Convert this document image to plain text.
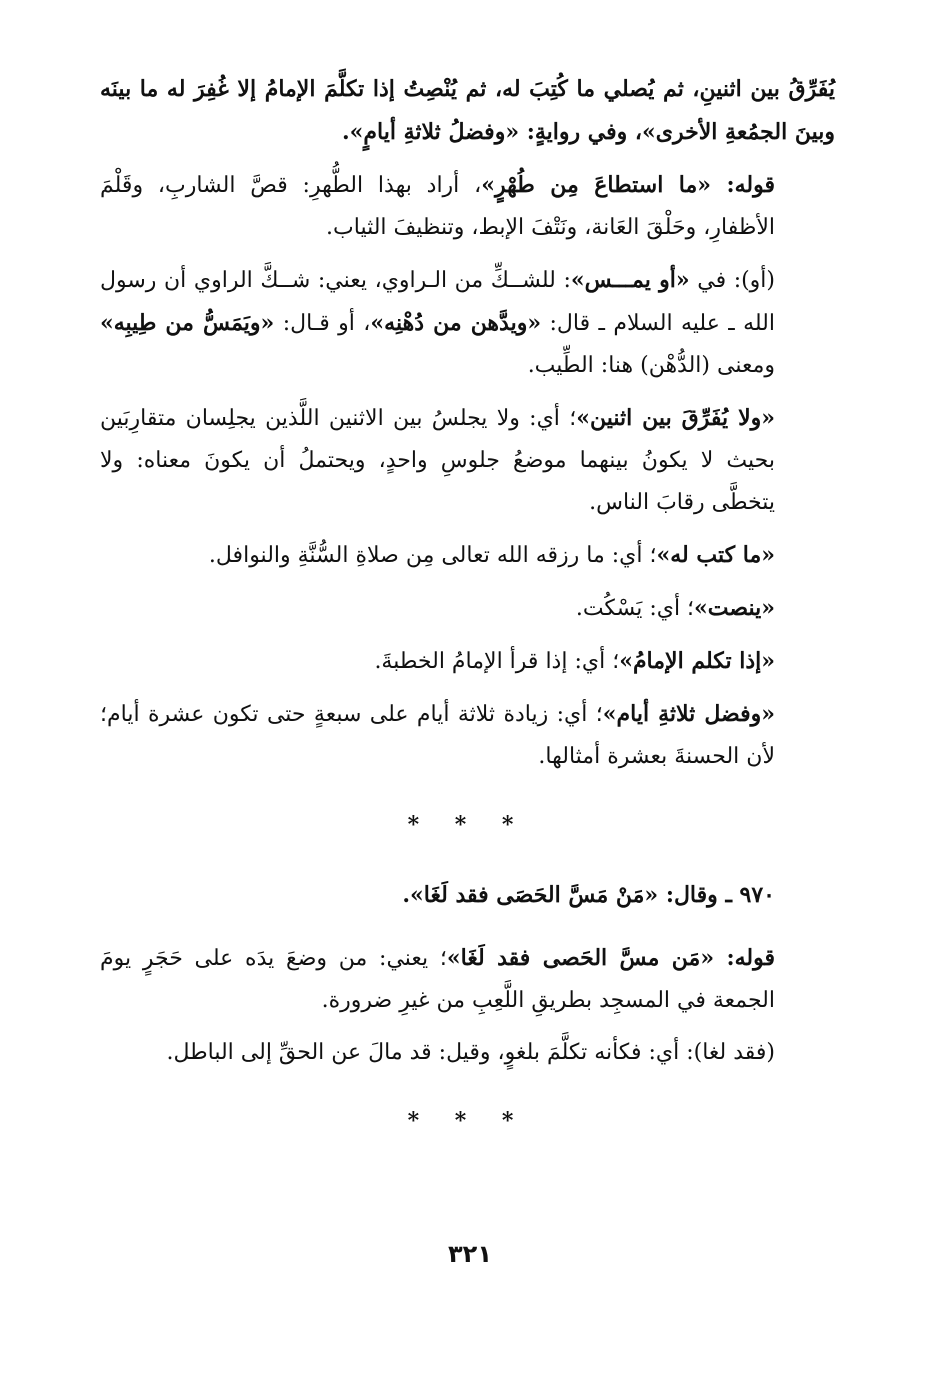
يُفَرِّقُ بين اثنينِ، ثم يُصلي ما كُتِبَ له، ثم يُنْصِتُ إذا تكلَّمَ الإمامُ إلا غُفِرَ له ما بينَه وبينَ الجمُعةِ الأخرى»، وفي روايةٍ: «وفضلُ ثلاثةِ أيامٍ».

قوله: «ما استطاعَ مِن طُهْرٍ»، أراد بهذا الطُّهرِ: قصَّ الشاربِ، وقَلْمَ الأظفارِ، وحَلْقَ العَانة، ونَتْفَ الإبط، وتنظيفَ الثياب.

(أو): في «أو يمـــس»: للشــكِّ من الـراوي، يعني: شــكَّ الراوي أن رسول الله ـ عليه السلام ـ قال: «ويدَّهن من دُهْنِه»، أو قـال: «ويَمَسُّ من طِيبِه» ومعنى (الدُّهْن) هنا: الطِّيب.

«ولا يُفَرِّقَ بين اثنين»؛ أي: ولا يجلسُ بين الاثنين اللَّذين يجلِسان متقارِبَين بحيث لا يكونُ بينهما موضعُ جلوسِ واحدٍ، ويحتملُ أن يكونَ معناه: ولا يتخطَّى رقابَ الناس.

«ما كتب له»؛ أي: ما رزقه الله تعالى مِن صلاةِ السُّنَّةِ والنوافل.

«ينصت»؛ أي: يَسْكُت.

«إذا تكلم الإمامُ»؛ أي: إذا قرأ الإمامُ الخطبةَ.

«وفضل ثلاثةِ أيام»؛ أي: زيادة ثلاثة أيام على سبعةٍ حتى تكون عشرة أيام؛ لأن الحسنةَ بعشرة أمثالها.

* * *

٩٧٠ ـ وقال: «مَنْ مَسَّ الحَصَى فقد لَغَا».

قوله: «مَن مسَّ الحَصى فقد لَغَا»؛ يعني: من وضعَ يدَه على حَجَرٍ يومَ الجمعة في المسجِد بطريقِ اللَّعِبِ من غيرِ ضرورة.

(فقد لغا): أي: فكأنه تكلَّمَ بلغوٍ، وقيل: قد مالَ عن الحقِّ إلى الباطل.

* * *
٣٢١
